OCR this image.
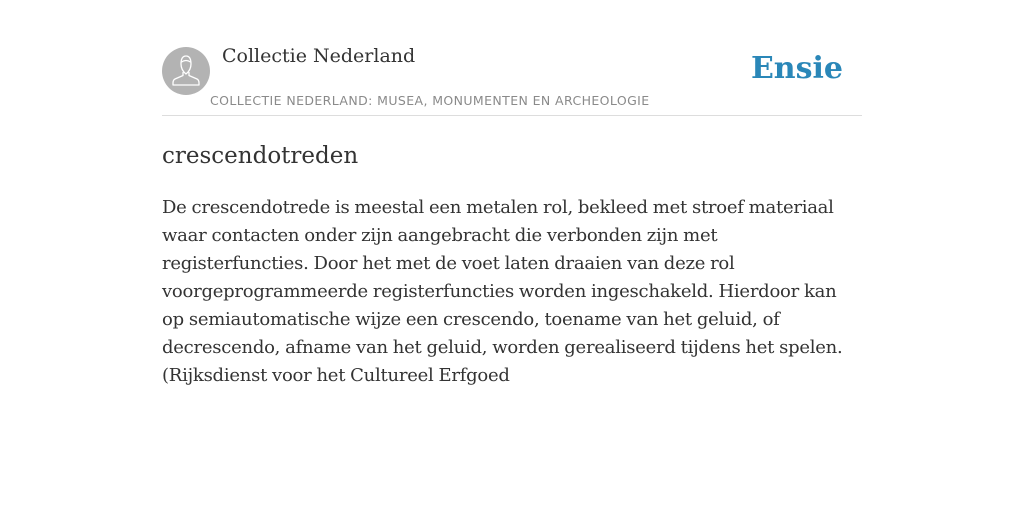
Collectie Nederland
COLLECTIE NEDERLAND: MUSEA, MONUMENTEN EN ARCHEOLOGIE
Ensie
crescendotreden

De crescendotrede is meestal een metalen rol, bekleed met stroef materiaal waar contacten onder zijn aangebracht die verbonden zijn met registerfuncties. Door het met de voet laten draaien van deze rol voorgeprogrammeerde registerfuncties worden ingeschakeld. Hierdoor kan op semiautomatische wijze een crescendo, toename van het geluid, of decrescendo, afname van het geluid, worden gerealiseerd tijdens het spelen. (Rijksdienst voor het Cultureel Erfgoed
